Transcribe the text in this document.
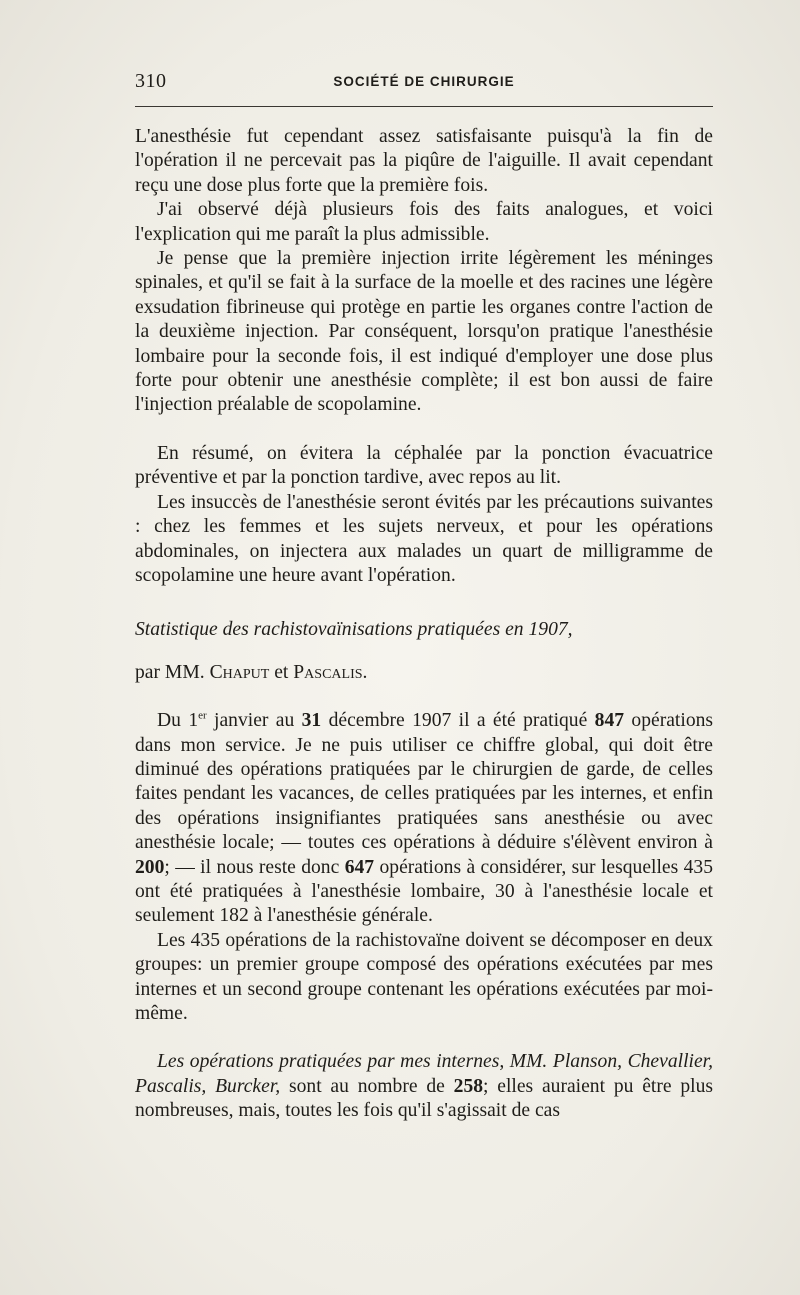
310	SOCIÉTÉ DE CHIRURGIE

L'anesthésie fut cependant assez satisfaisante puisqu'à la fin de l'opération il ne percevait pas la piqûre de l'aiguille. Il avait cependant reçu une dose plus forte que la première fois.

J'ai observé déjà plusieurs fois des faits analogues, et voici l'explication qui me paraît la plus admissible.

Je pense que la première injection irrite légèrement les méninges spinales, et qu'il se fait à la surface de la moelle et des racines une légère exsudation fibrineuse qui protège en partie les organes contre l'action de la deuxième injection. Par conséquent, lorsqu'on pratique l'anesthésie lombaire pour la seconde fois, il est indiqué d'employer une dose plus forte pour obtenir une anesthésie complète; il est bon aussi de faire l'injection préalable de scopolamine.

En résumé, on évitera la céphalée par la ponction évacuatrice préventive et par la ponction tardive, avec repos au lit.

Les insuccès de l'anesthésie seront évités par les précautions suivantes : chez les femmes et les sujets nerveux, et pour les opérations abdominales, on injectera aux malades un quart de milligramme de scopolamine une heure avant l'opération.

Statistique des rachistovaïnisations pratiquées en 1907,

par MM. Chaput et Pascalis.

Du 1er janvier au 31 décembre 1907 il a été pratiqué 847 opérations dans mon service. Je ne puis utiliser ce chiffre global, qui doit être diminué des opérations pratiquées par le chirurgien de garde, de celles faites pendant les vacances, de celles pratiquées par les internes, et enfin des opérations insignifiantes pratiquées sans anesthésie ou avec anesthésie locale; — toutes ces opérations à déduire s'élèvent environ à 200; — il nous reste donc 647 opérations à considérer, sur lesquelles 435 ont été pratiquées à l'anesthésie lombaire, 30 à l'anesthésie locale et seulement 182 à l'anesthésie générale.

Les 435 opérations de la rachistovaïne doivent se décomposer en deux groupes: un premier groupe composé des opérations exécutées par mes internes et un second groupe contenant les opérations exécutées par moi-même.

Les opérations pratiquées par mes internes, MM. Planson, Chevallier, Pascalis, Burcker, sont au nombre de 258; elles auraient pu être plus nombreuses, mais, toutes les fois qu'il s'agissait de cas
